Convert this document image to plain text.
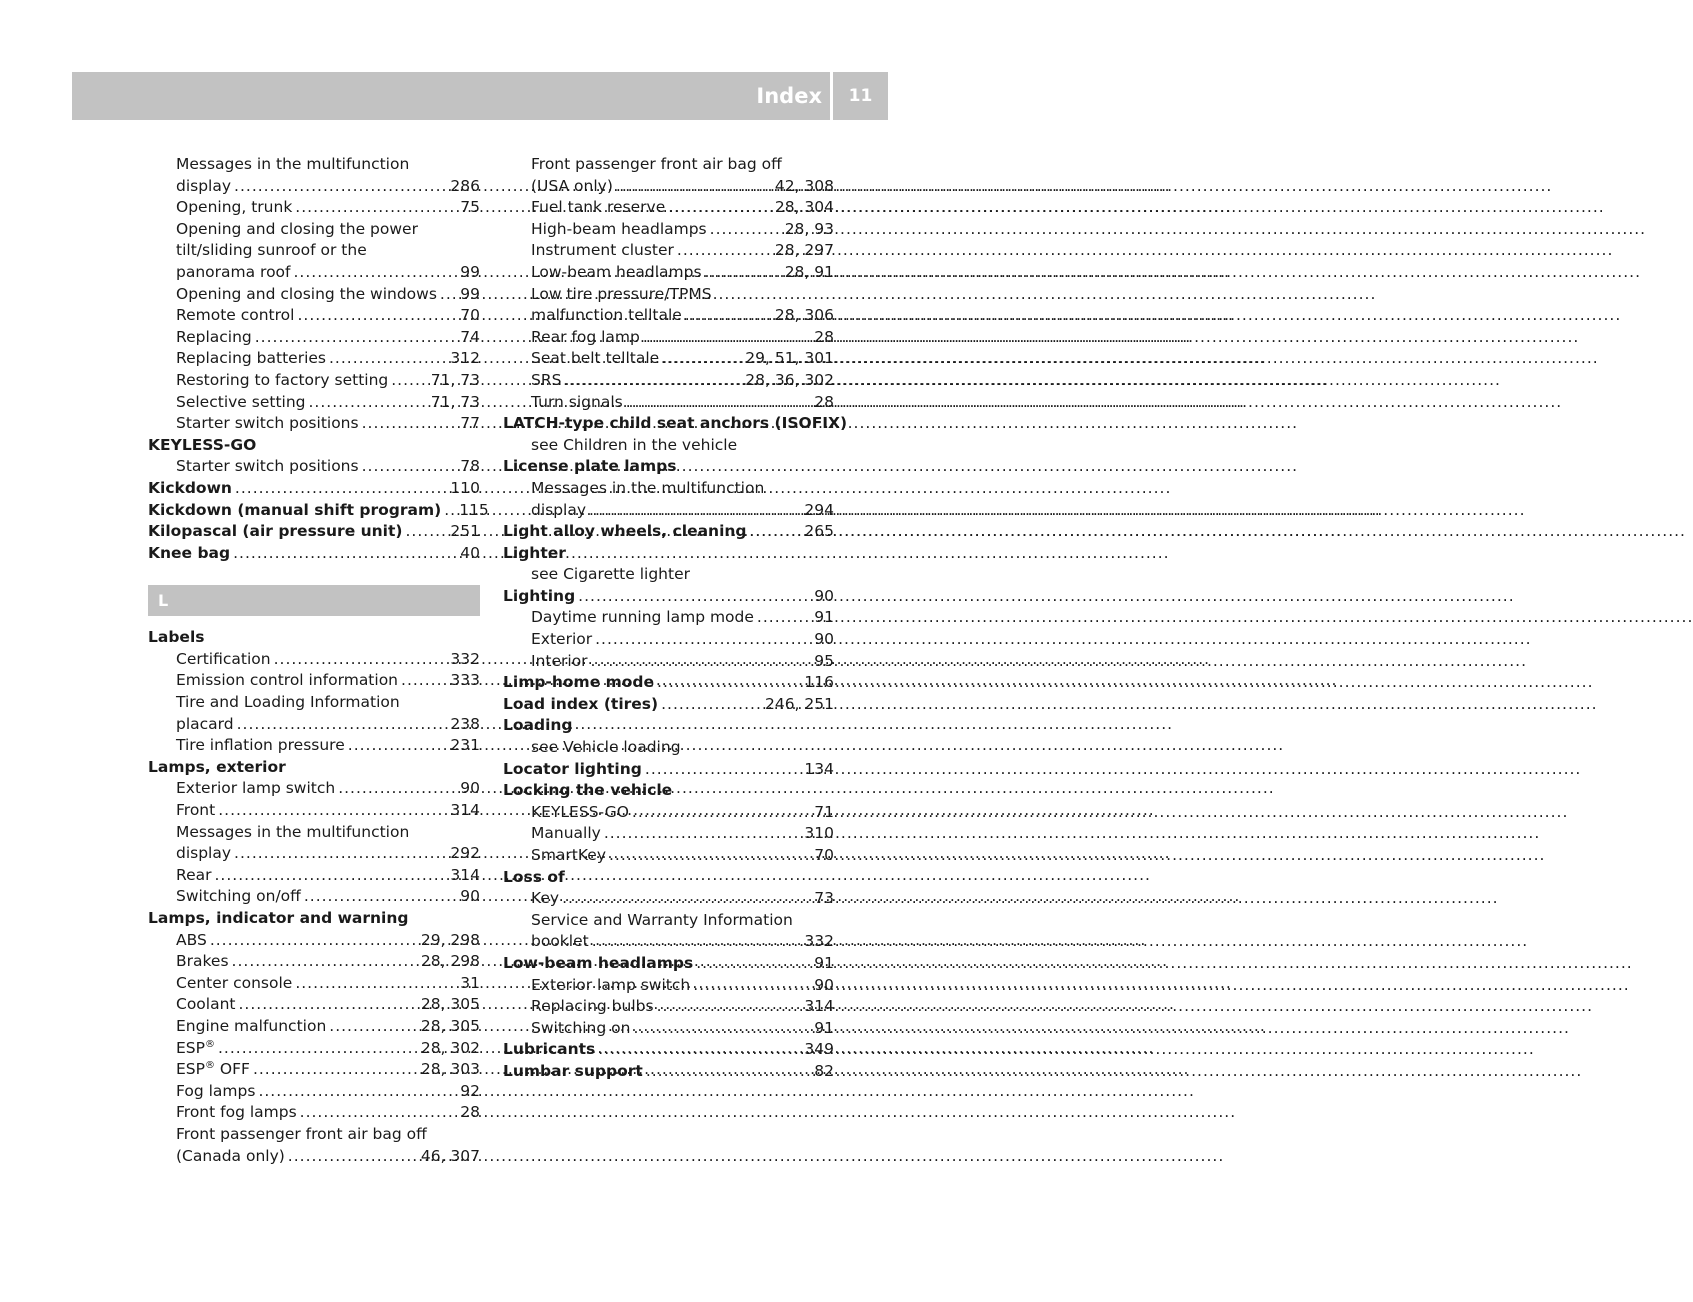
Index	11
Messages in the multifunction
display .....	286
Opening, trunk .....	75
Opening and closing the power
tilt/sliding sunroof or the
panorama roof .....	99
Opening and closing the windows ..... 99
Remote control .....	70
Replacing .....	74
Replacing batteries .....	312
Restoring to factory setting .....	71, 73
Selective setting .....	71, 73
Starter switch positions .....	77
KEYLESS-GO
Starter switch positions .....	78
Kickdown .....	110
Kickdown (manual shift program) ..... 115
Kilopascal (air pressure unit) .....	251
Knee bag .....	40
L
Labels
Certification .....	332
Emission control information .....	333
Tire and Loading Information
placard .....	238
Tire inflation pressure .....	231
Lamps, exterior
Exterior lamp switch .....	90
Front .....	314
Messages in the multifunction
display .....	292
Rear .....	314
Switching on/off .....	90
Lamps, indicator and warning
ABS .....	29, 298
Brakes .....	28, 298
Center console .....	31
Coolant .....	28, 305
Engine malfunction .....	28, 305
ESP® .....	28, 302
ESP® OFF .....	28, 303
Fog lamps .....	92
Front fog lamps .....	28
Front passenger front air bag off
(Canada only) .....	46, 307
Front passenger front air bag off
(USA only) .....	42, 308
Fuel tank reserve .....	28, 304
High-beam headlamps .....	28, 93
Instrument cluster .....	28, 297
Low-beam headlamps .....	28, 91
Low tire pressure/TPMS
malfunction telltale .....	28, 306
Rear fog lamp .....	28
Seat belt telltale .....	29, 51, 301
SRS .....	28, 36, 302
Turn signals .....	28
LATCH-type child seat anchors (ISOFIX)
see Children in the vehicle
License plate lamps
Messages in the multifunction
display .....	294
Light alloy wheels, cleaning .....	265
Lighter
see Cigarette lighter
Lighting .....	90
Daytime running lamp mode .....	91
Exterior .....	90
Interior .....	95
Limp-home mode .....	116
Load index (tires) .....	246, 251
Loading
see Vehicle loading
Locator lighting .....	134
Locking the vehicle
KEYLESS-GO .....	71
Manually .....	310
SmartKey .....	70
Loss of
Key .....	73
Service and Warranty Information
booklet .....	332
Low-beam headlamps .....	91
Exterior lamp switch .....	90
Replacing bulbs .....	314
Switching on .....	91
Lubricants .....	349
Lumbar support .....	82
